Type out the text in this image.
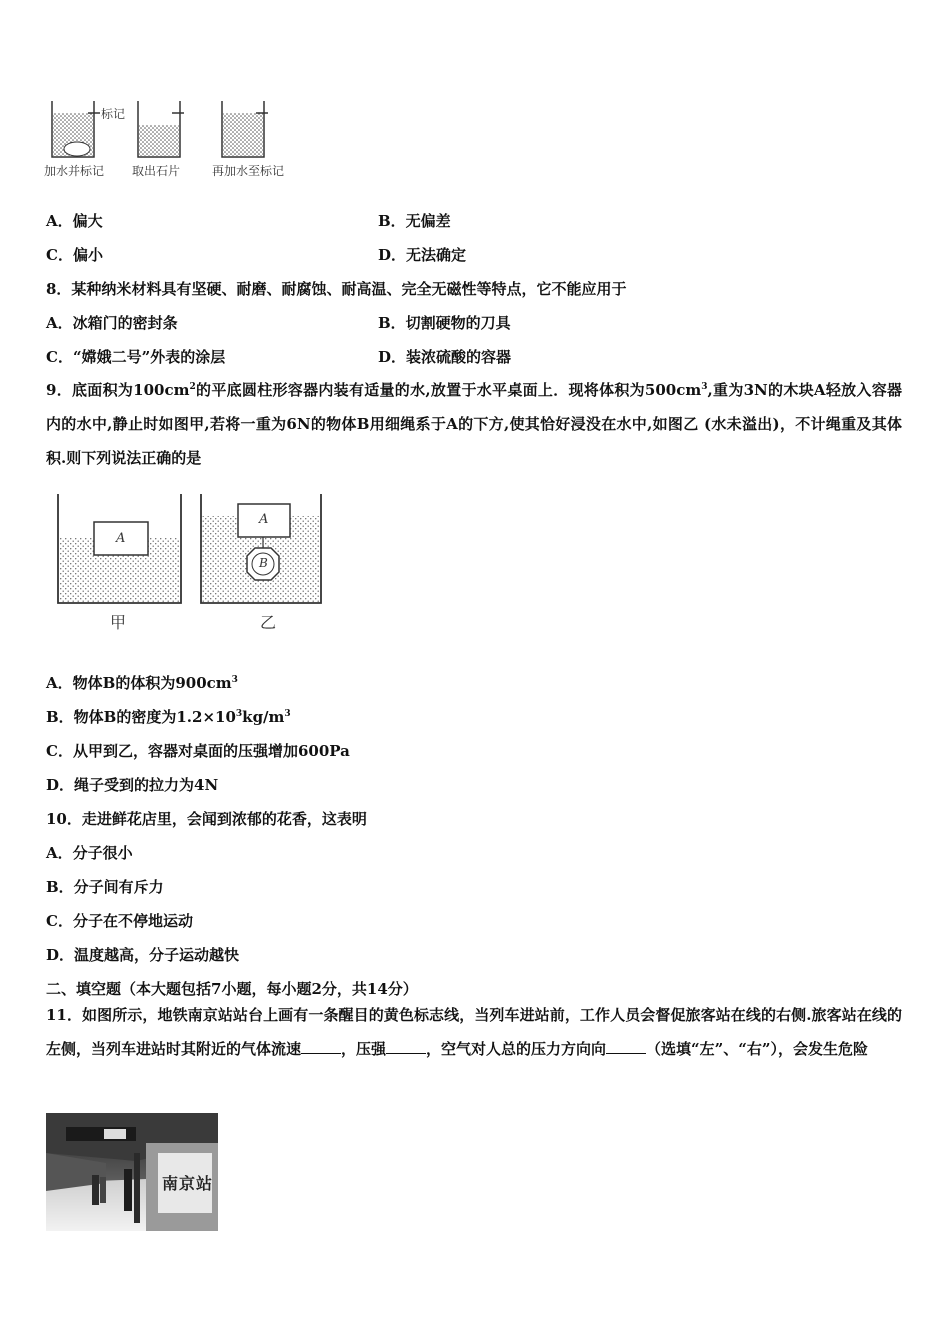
标记
加水并标记 取出石片	再加水至标记
A．偏大	B．无偏差
C．偏小	D．无法确定
8．某种纳米材料具有坚硬、耐磨、耐腐蚀、耐高温、完全无磁性等特点，它不能应用于
A．冰箱门的密封条	B．切割硬物的刀具
C．“嫦娥二号”外表的涂层	D．装浓硫酸的容器
9．底面积为$100cm^2$的平底圆柱形容器内装有适量的水,放置于水平桌面上．现将体积为$500cm^3$,重为3N的木块A轻放入容器内的水中,静止时如图甲,若将一重为6N的物体B用细绳系于A的下方,使其恰好浸没在水中,如图乙 (水未溢出)，不计绳重及其体积.则下列说法正确的是
A
A
B
甲	乙
A．物体B的体积为$900cm^3$
B．物体B的密度为$1.2\times 10^3kg/m^3$
C．从甲到乙，容器对桌面的压强增加600Pa
D．绳子受到的拉力为4N
10．走进鲜花店里，会闻到浓郁的花香，这表明
A．分子很小
B．分子间有斥力
C．分子在不停地运动
D．温度越高，分子运动越快
二、填空题（本大题包括7小题，每小题2分，共14分）
11．如图所示，地铁南京站站台上画有一条醒目的黄色标志线，当列车进站前，工作人员会督促旅客站在线的右侧.旅客站在线的左侧，当列车进站时其附近的气体流速	，压强	，空气对人总的压力方向向	（选填“左”、“右”），会发生危险
南京站
